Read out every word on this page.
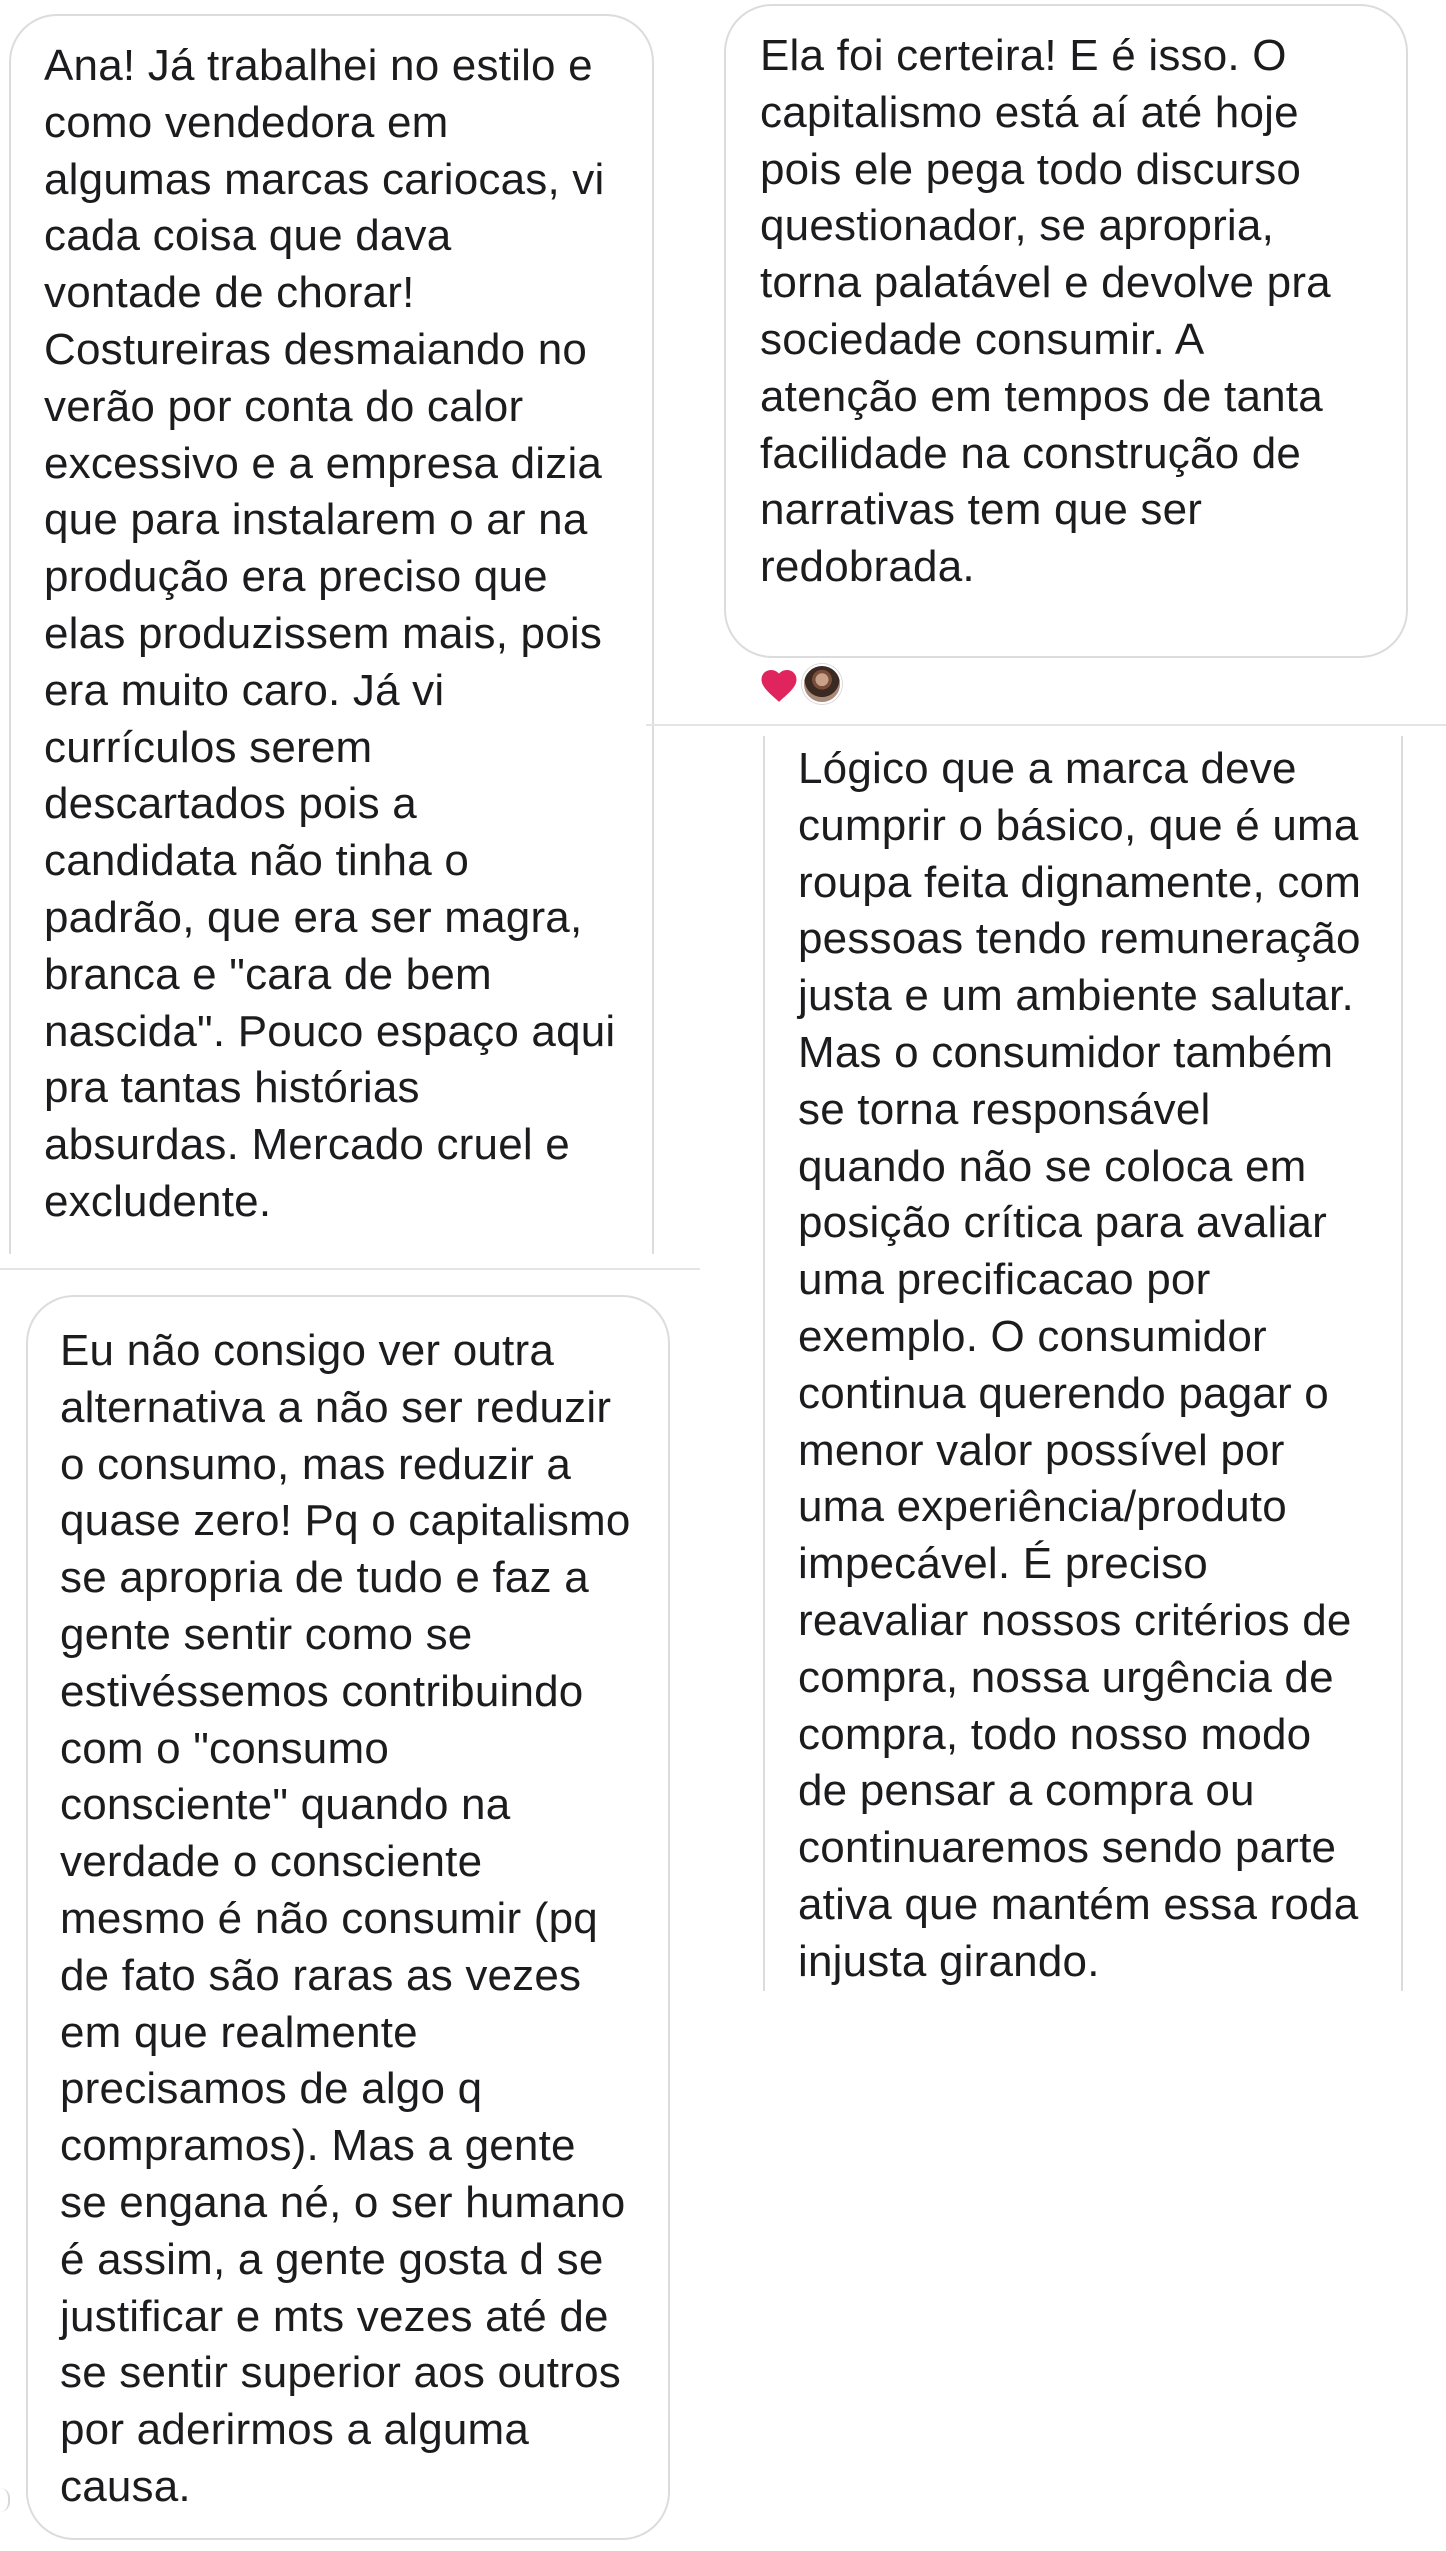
Ana! Já trabalhei no estilo e
como vendedora em
algumas marcas cariocas, vi
cada coisa que dava
vontade de chorar!
Costureiras desmaiando no
verão por conta do calor
excessivo e a empresa dizia
que para instalarem o ar na
produção era preciso que
elas produzissem mais, pois
era muito caro. Já vi
currículos serem
descartados pois a
candidata não tinha o
padrão, que era ser magra,
branca e "cara de bem
nascida". Pouco espaço aqui
pra tantas histórias
absurdas. Mercado cruel e
excludente.
Ela foi certeira! E é isso. O
capitalismo está aí até hoje
pois ele pega todo discurso
questionador, se apropria,
torna palatável e devolve pra
sociedade consumir. A
atenção em tempos de tanta
facilidade na construção de
narrativas tem que ser
redobrada.
Lógico que a marca deve
cumprir o básico, que é uma
roupa feita dignamente, com
pessoas tendo remuneração
justa e um ambiente salutar.
Mas o consumidor também
se torna responsável
quando não se coloca em
posição crítica para avaliar
uma precificacao por
exemplo. O consumidor
continua querendo pagar o
menor valor possível por
uma experiência/produto
impecável. É preciso
reavaliar nossos critérios de
compra, nossa urgência de
compra, todo nosso modo
de pensar a compra ou
continuaremos sendo parte
ativa que mantém essa roda
injusta girando.
Eu não consigo ver outra
alternativa a não ser reduzir
o consumo, mas reduzir a
quase zero! Pq o capitalismo
se apropria de tudo e faz a
gente sentir como se
estivéssemos contribuindo
com o "consumo
consciente" quando na
verdade o consciente
mesmo é não consumir (pq
de fato são raras as vezes
em que realmente
precisamos de algo q
compramos). Mas a gente
se engana né, o ser humano
é assim, a gente gosta d se
justificar e mts vezes até de
se sentir superior aos outros
por aderirmos a alguma
causa.
